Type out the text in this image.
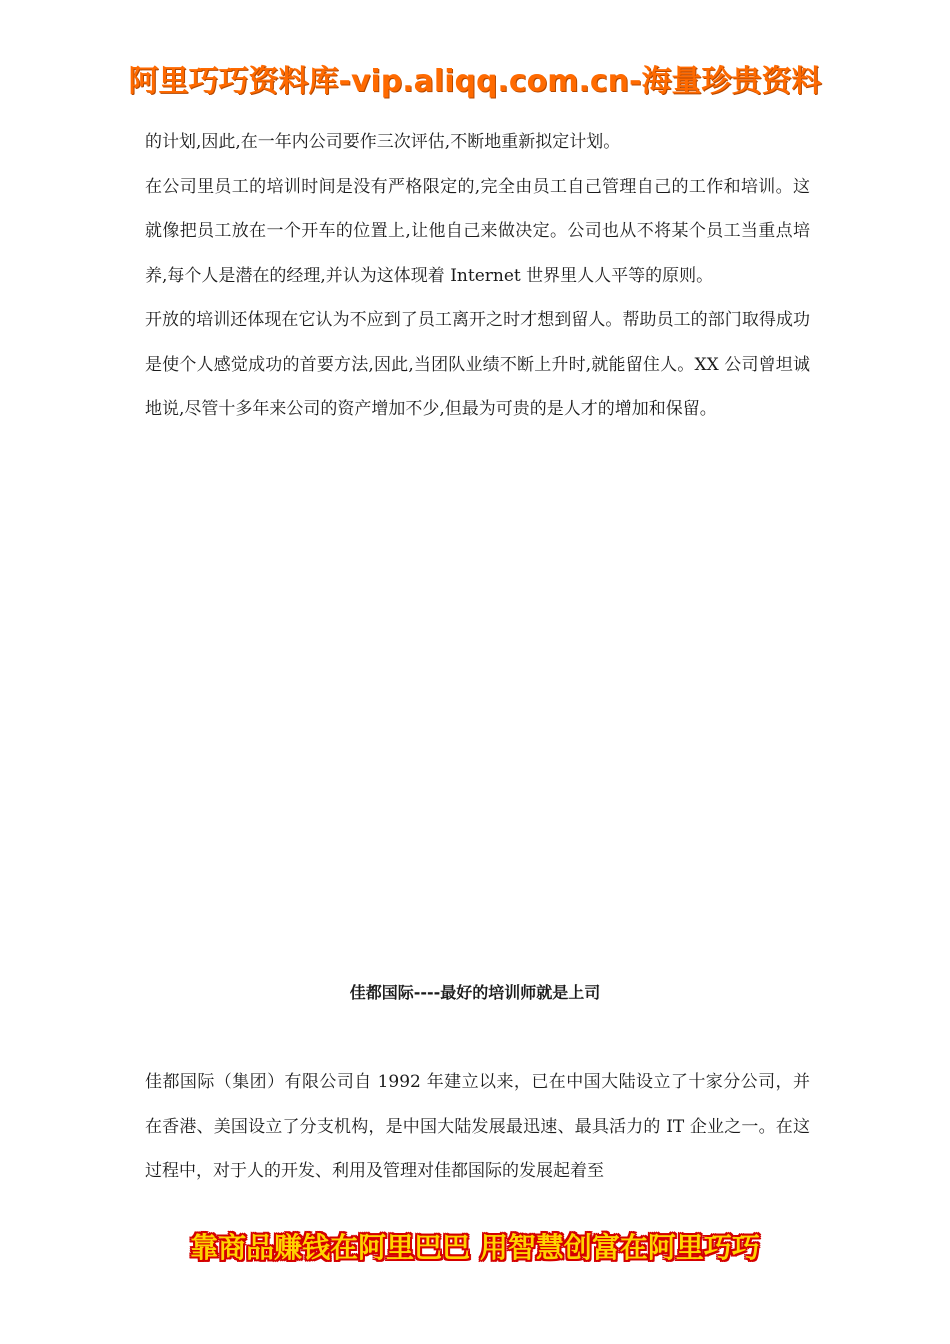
阿里巧巧资料库-vip.aliqq.com.cn-海量珍贵资料

的计划,因此,在一年内公司要作三次评估,不断地重新拟定计划。

在公司里员工的培训时间是没有严格限定的,完全由员工自己管理自己的工作和培训。这就像把员工放在一个开车的位置上,让他自己来做决定。公司也从不将某个员工当重点培养,每个人是潜在的经理,并认为这体现着 Internet 世界里人人平等的原则。

开放的培训还体现在它认为不应到了员工离开之时才想到留人。帮助员工的部门取得成功是使个人感觉成功的首要方法,因此,当团队业绩不断上升时,就能留住人。XX 公司曾坦诚地说,尽管十多年来公司的资产增加不少,但最为可贵的是人才的增加和保留。

佳都国际----最好的培训师就是上司

佳都国际（集团）有限公司自 1992 年建立以来，已在中国大陆设立了十家分公司，并在香港、美国设立了分支机构，是中国大陆发展最迅速、最具活力的 IT 企业之一。在这过程中，对于人的开发、利用及管理对佳都国际的发展起着至

靠商品赚钱在阿里巴巴 用智慧创富在阿里巧巧
